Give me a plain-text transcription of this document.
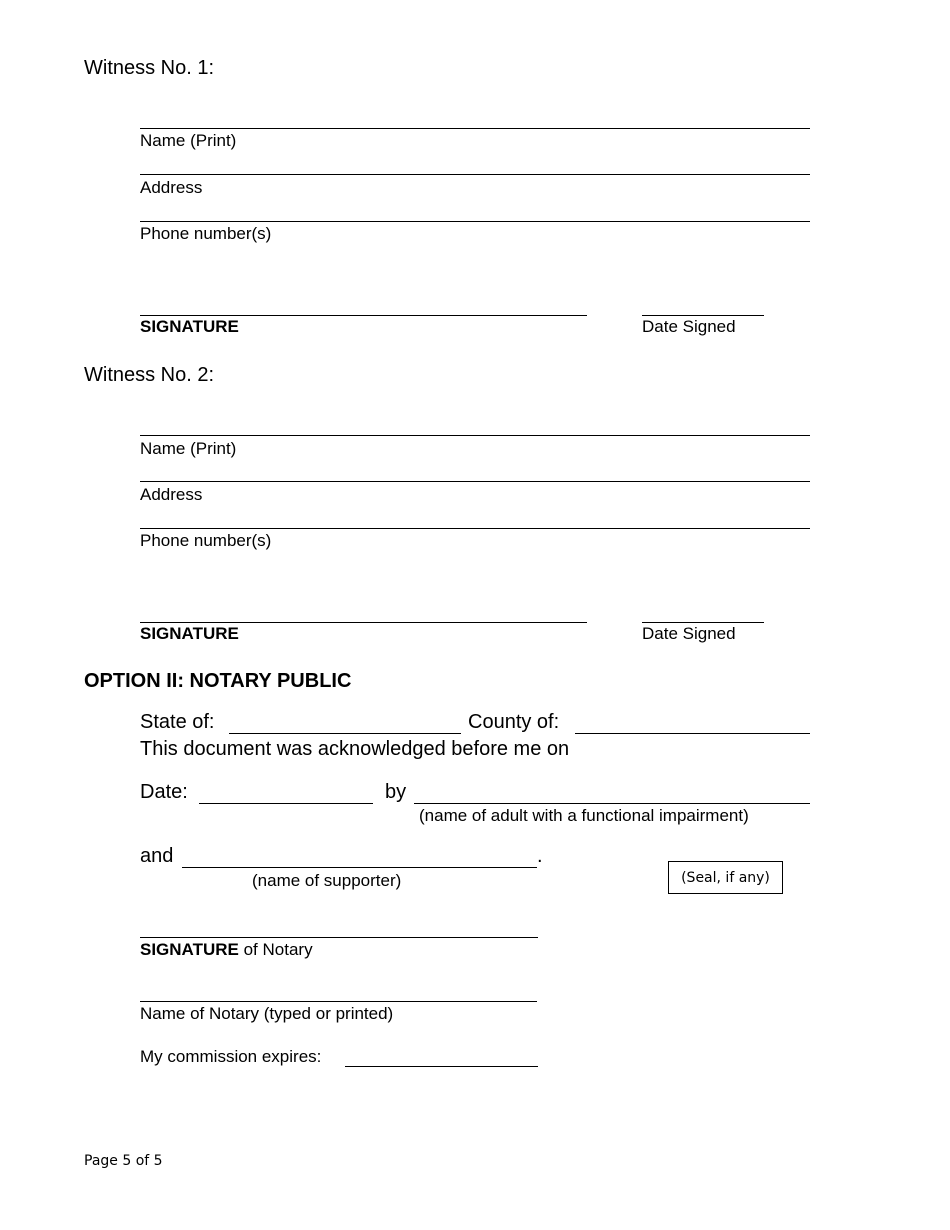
Witness No. 1:
Name (Print)
Address
Phone number(s)
SIGNATURE	Date Signed
Witness No. 2:
Name (Print)
Address
Phone number(s)
SIGNATURE	Date Signed
OPTION II: NOTARY PUBLIC
State of:	County of:
This document was acknowledged before me on
Date:	by
(name of adult with a functional impairment)
and	.
(name of supporter)	(Seal, if any)
SIGNATURE of Notary
Name of Notary (typed or printed)
My commission expires:
Page 5 of 5
